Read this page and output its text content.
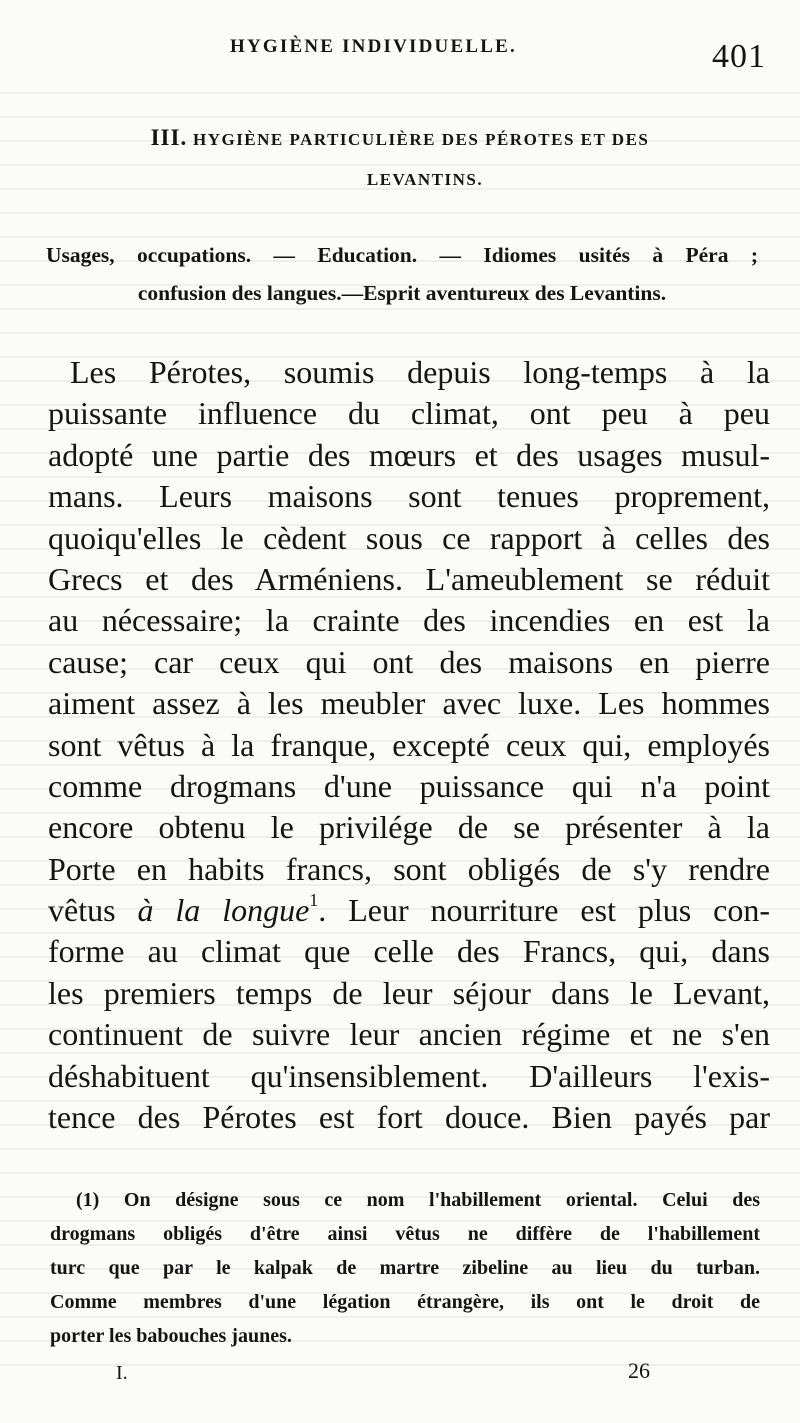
HYGIÈNE INDIVIDUELLE.	401
III. HYGIÈNE PARTICULIÈRE DES PÉROTES ET DES
LEVANTINS.
Usages, occupations. — Education. — Idiomes usités à Péra ;
confusion des langues.—Esprit aventureux des Levantins.
Les Pérotes, soumis depuis long-temps à la
puissante influence du climat, ont peu à peu
adopté une partie des mœurs et des usages musul-
mans. Leurs maisons sont tenues proprement,
quoiqu'elles le cèdent sous ce rapport à celles des
Grecs et des Arméniens. L'ameublement se réduit
au nécessaire; la crainte des incendies en est la
cause; car ceux qui ont des maisons en pierre
aiment assez à les meubler avec luxe. Les hommes
sont vêtus à la franque, excepté ceux qui, employés
comme drogmans d'une puissance qui n'a point
encore obtenu le privilége de se présenter à la
Porte en habits francs, sont obligés de s'y rendre
vêtus à la longue$^1$. Leur nourriture est plus con-
forme au climat que celle des Francs, qui, dans
les premiers temps de leur séjour dans le Levant,
continuent de suivre leur ancien régime et ne s'en
déshabituent qu'insensiblement. D'ailleurs l'exis-
tence des Pérotes est fort douce. Bien payés par
(1) On désigne sous ce nom l'habillement oriental. Celui des
drogmans obligés d'être ainsi vêtus ne diffère de l'habillement
turc que par le kalpak de martre zibeline au lieu du turban.
Comme membres d'une légation étrangère, ils ont le droit de
porter les babouches jaunes.
I.	26
